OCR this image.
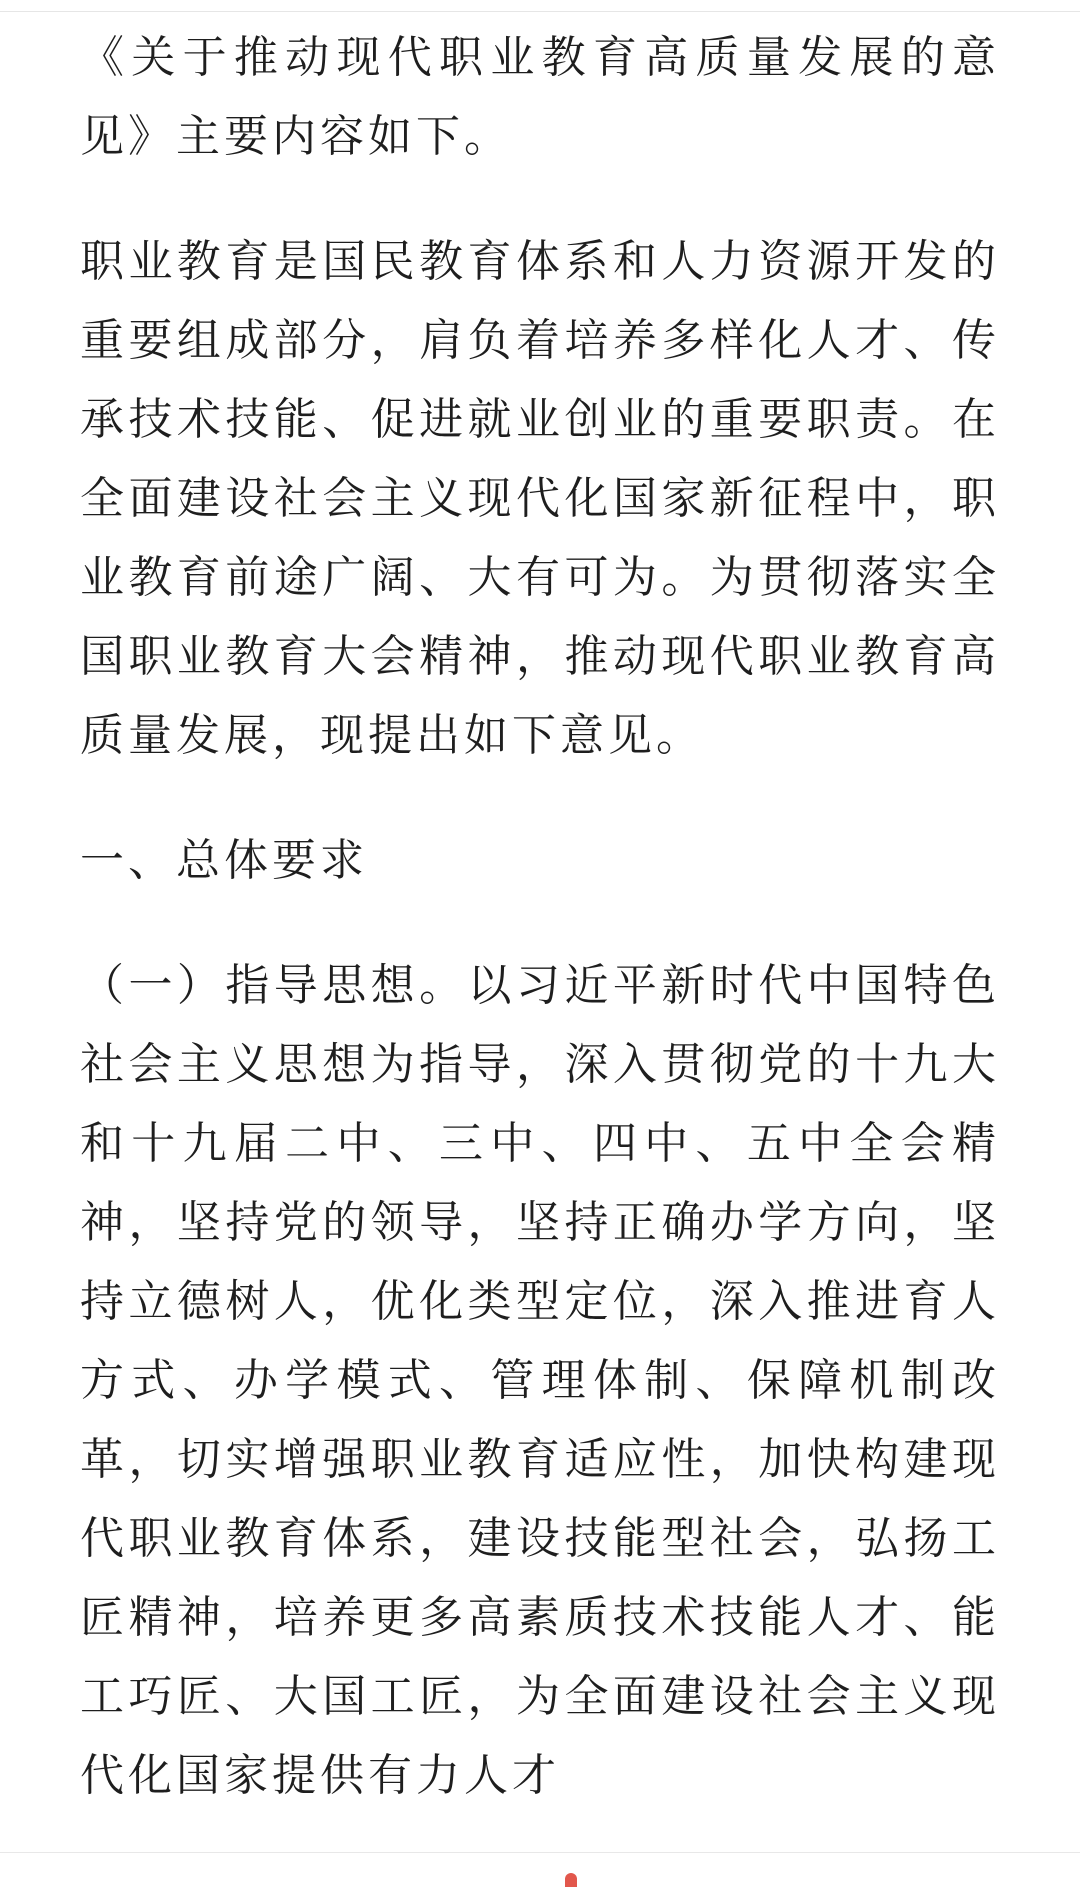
《关于推动现代职业教育高质量发展的意见》主要内容如下。

职业教育是国民教育体系和人力资源开发的重要组成部分，肩负着培养多样化人才、传承技术技能、促进就业创业的重要职责。在全面建设社会主义现代化国家新征程中，职业教育前途广阔、大有可为。为贯彻落实全国职业教育大会精神，推动现代职业教育高质量发展，现提出如下意见。

一、总体要求

（一）指导思想。以习近平新时代中国特色社会主义思想为指导，深入贯彻党的十九大和十九届二中、三中、四中、五中全会精神，坚持党的领导，坚持正确办学方向，坚持立德树人，优化类型定位，深入推进育人方式、办学模式、管理体制、保障机制改革，切实增强职业教育适应性，加快构建现代职业教育体系，建设技能型社会，弘扬工匠精神，培养更多高素质技术技能人才、能工巧匠、大国工匠，为全面建设社会主义现代化国家提供有力人才
